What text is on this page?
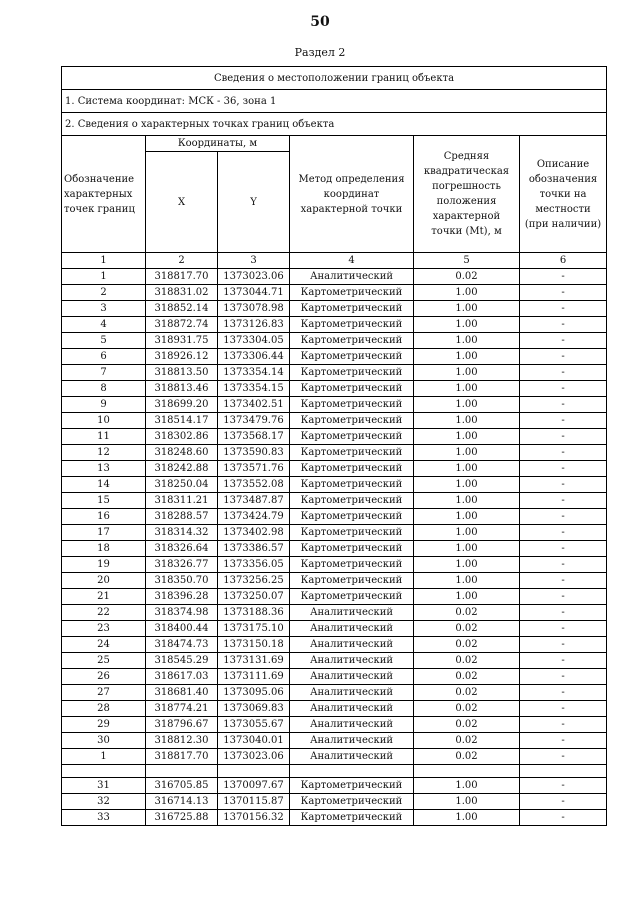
50
Раздел 2
Сведения о местоположении границ объекта					
1. Система координат: МСК - 36, зона 1					
2. Сведения о характерных точках границ объекта					
Обозначение характерных точек границ	Координаты, м		Метод определения координат характерной точки	Средняя квадратическая погрешность положения характерной точки (Mt), м	Описание обозначения точки на местности (при наличии)
	X	Y			
1	2	3	4	5	6
1	318817.70	1373023.06	Аналитический	0.02	-
2	318831.02	1373044.71	Картометрический	1.00	-
3	318852.14	1373078.98	Картометрический	1.00	-
4	318872.74	1373126.83	Картометрический	1.00	-
5	318931.75	1373304.05	Картометрический	1.00	-
6	318926.12	1373306.44	Картометрический	1.00	-
7	318813.50	1373354.14	Картометрический	1.00	-
8	318813.46	1373354.15	Картометрический	1.00	-
9	318699.20	1373402.51	Картометрический	1.00	-
10	318514.17	1373479.76	Картометрический	1.00	-
11	318302.86	1373568.17	Картометрический	1.00	-
12	318248.60	1373590.83	Картометрический	1.00	-
13	318242.88	1373571.76	Картометрический	1.00	-
14	318250.04	1373552.08	Картометрический	1.00	-
15	318311.21	1373487.87	Картометрический	1.00	-
16	318288.57	1373424.79	Картометрический	1.00	-
17	318314.32	1373402.98	Картометрический	1.00	-
18	318326.64	1373386.57	Картометрический	1.00	-
19	318326.77	1373356.05	Картометрический	1.00	-
20	318350.70	1373256.25	Картометрический	1.00	-
21	318396.28	1373250.07	Картометрический	1.00	-
22	318374.98	1373188.36	Аналитический	0.02	-
23	318400.44	1373175.10	Аналитический	0.02	-
24	318474.73	1373150.18	Аналитический	0.02	-
25	318545.29	1373131.69	Аналитический	0.02	-
26	318617.03	1373111.69	Аналитический	0.02	-
27	318681.40	1373095.06	Аналитический	0.02	-
28	318774.21	1373069.83	Аналитический	0.02	-
29	318796.67	1373055.67	Аналитический	0.02	-
30	318812.30	1373040.01	Аналитический	0.02	-
1	318817.70	1373023.06	Аналитический	0.02	-

31	316705.85	1370097.67	Картометрический	1.00	-
32	316714.13	1370115.87	Картометрический	1.00	-
33	316725.88	1370156.32	Картометрический	1.00	-
